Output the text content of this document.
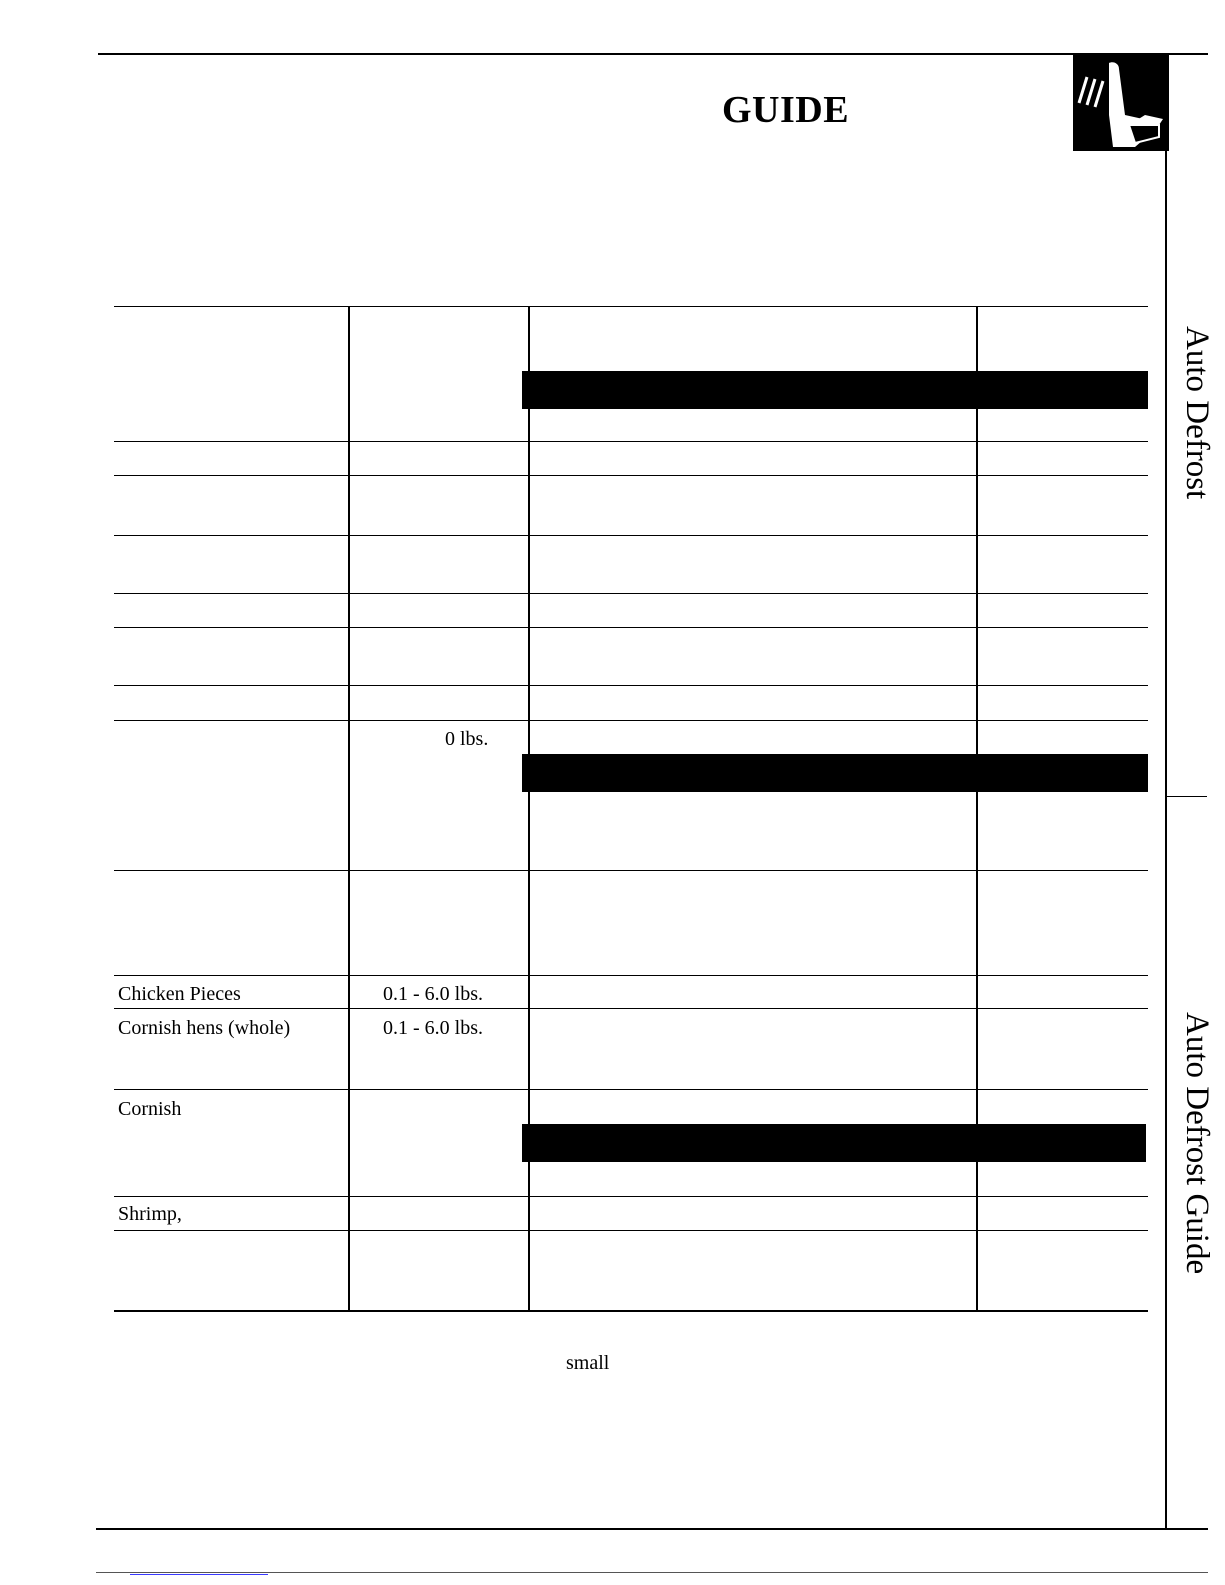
GUIDE
Auto Defrost
Auto Defrost Guide
0 lbs.
Chicken Pieces	0.1 - 6.0 lbs.
Cornish hens (whole)	0.1 - 6.0 lbs.
Cornish
Shrimp,
small
